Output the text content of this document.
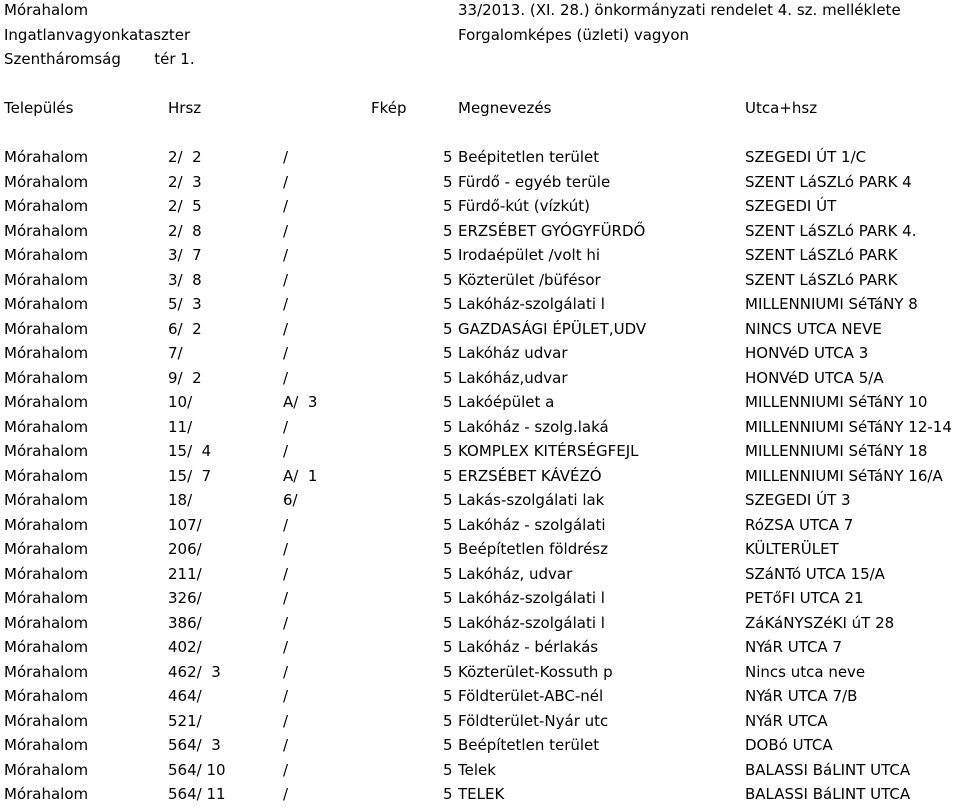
Mórahalom
Ingatlanvagyonkataszter
Szentháromság       tér 1.
33/2013. (XI. 28.) önkormányzati rendelet 4. sz. melléklete
Forgalomképes (üzleti) vagyon
Település	Hrsz	Fkép	Megnevezés	Utca+hsz
Mórahalom	2/  2	/	5 Beépitetlen terület	SZEGEDI ÚT 1/C
Mórahalom	2/  3	/	5 Fürdő - egyéb terüle	SZENT LáSZLó PARK 4
Mórahalom	2/  5	/	5 Fürdő-kút (vízkút)	SZEGEDI ÚT
Mórahalom	2/  8	/	5 ERZSÉBET GYÓGYFÜRDŐ	SZENT LáSZLó PARK 4.
Mórahalom	3/  7	/	5 Irodaépület /volt hi	SZENT LáSZLó PARK
Mórahalom	3/  8	/	5 Közterület /büfésor	SZENT LáSZLó PARK
Mórahalom	5/  3	/	5 Lakóház-szolgálati l	MILLENNIUMI SéTáNY 8
Mórahalom	6/  2	/	5 GAZDASÁGI ÉPÜLET,UDV	NINCS UTCA NEVE
Mórahalom	7/	/	5 Lakóház udvar	HONVéD UTCA 3
Mórahalom	9/  2	/	5 Lakóház,udvar	HONVéD UTCA 5/A
Mórahalom	10/	A/  3	5 Lakóépület a	MILLENNIUMI SéTáNY 10
Mórahalom	11/	/	5 Lakóház - szolg.laká	MILLENNIUMI SéTáNY 12-14
Mórahalom	15/  4	/	5 KOMPLEX KITÉRSÉGFEJL	MILLENNIUMI SéTáNY 18
Mórahalom	15/  7	A/  1	5 ERZSÉBET KÁVÉZÓ	MILLENNIUMI SéTáNY 16/A
Mórahalom	18/	6/	5 Lakás-szolgálati lak	SZEGEDI ÚT 3
Mórahalom	107/	/	5 Lakóház - szolgálati	RóZSA UTCA 7
Mórahalom	206/	/	5 Beépítetlen földrész	KÜLTERÜLET
Mórahalom	211/	/	5 Lakóház, udvar	SZáNTó UTCA 15/A
Mórahalom	326/	/	5 Lakóház-szolgálati l	PETőFI UTCA 21
Mórahalom	386/	/	5 Lakóház-szolgálati l	ZáKáNYSZéKI úT 28
Mórahalom	402/	/	5 Lakóház - bérlakás	NYáR UTCA 7
Mórahalom	462/  3	/	5 Közterület-Kossuth p	Nincs utca neve
Mórahalom	464/	/	5 Földterület-ABC-nél	NYáR UTCA 7/B
Mórahalom	521/	/	5 Földterület-Nyár utc	NYáR UTCA
Mórahalom	564/  3	/	5 Beépítetlen terület	DOBó UTCA
Mórahalom	564/ 10	/	5 Telek	BALASSI BáLINT UTCA
Mórahalom	564/ 11	/	5 TELEK	BALASSI BáLINT UTCA
